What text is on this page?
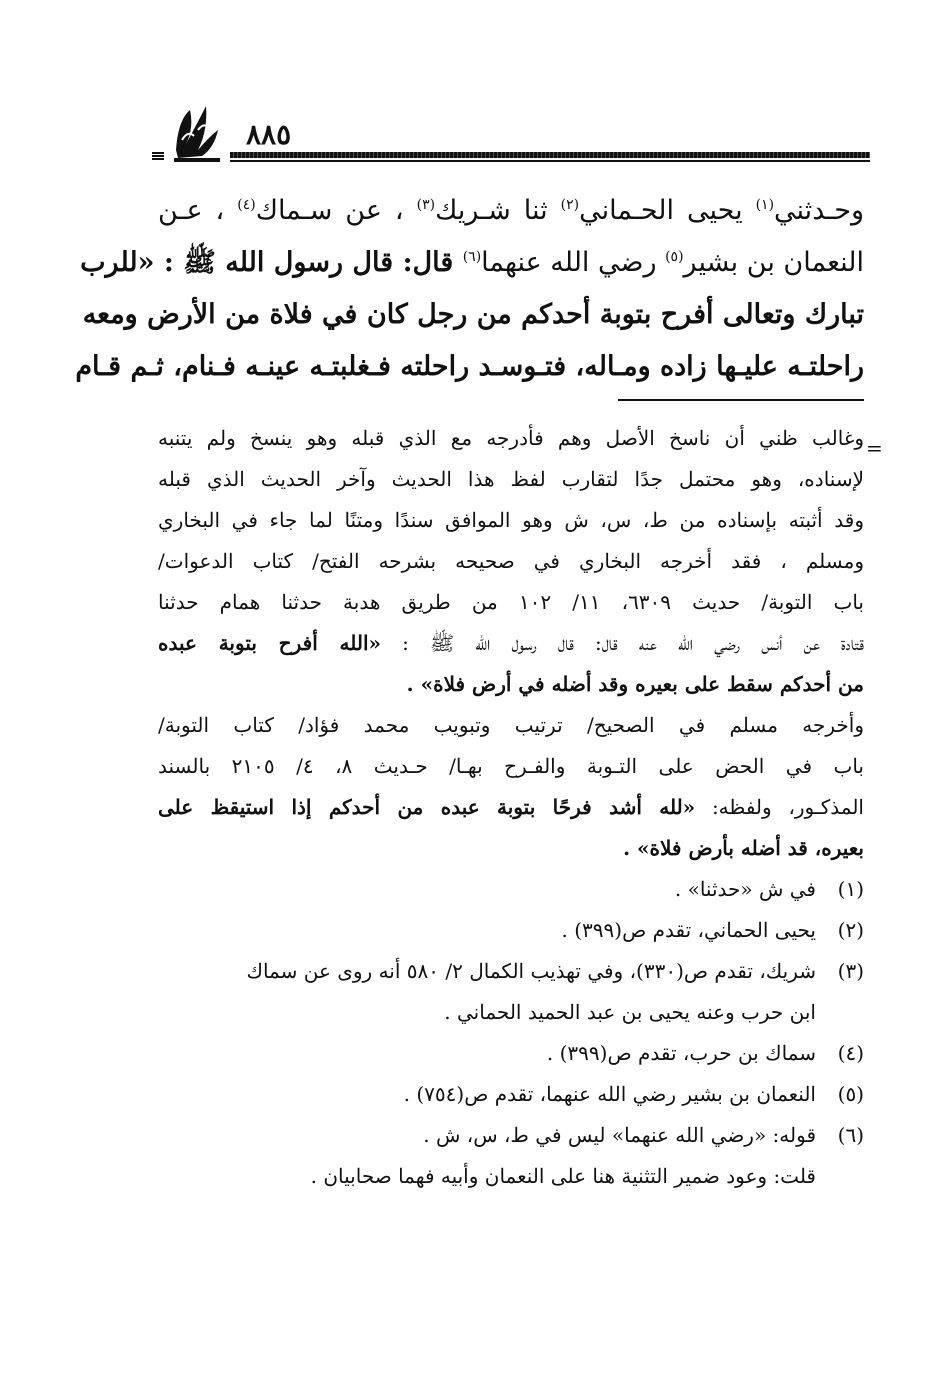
٨٨٥

وحـدثني$^{(١)}$ يحيى الحـماني$^{(٢)}$ ثنا شـريك$^{(٣)}$ ، عن سـماك$^{(٤)}$ ، عـن

النعمان بن بشير$^{(٥)}$ رضي الله عنهما$^{(٦)}$ قال: قال رسول الله ﷺ : «للرب

تبارك وتعالى أفرح بتوبة أحدكم من رجل كان في فلاة من الأرض ومعه

راحلتـه عليـها زاده ومـاله، فتـوسـد راحلته فـغلبتـه عينـه فـنام، ثـم قـام

=

وغالب ظني أن ناسخ الأصل وهم فأدرجه مع الذي قبله وهو ينسخ ولم يتنبه

لإسناده، وهو محتمل جدًا لتقارب لفظ هذا الحديث وآخر الحديث الذي قبله

وقد أثبته بإسناده من ط، س، ش وهو الموافق سندًا ومتنًا لما جاء في البخاري

ومسلم ، فقد أخرجه البخاري في صحيحه بشرحه الفتح/ كتاب الدعوات/

باب التوبة/ حديث ٦٣٠٩، ١١/ ١٠٢ من طريق هدبة حدثنا همام حدثنا

قتادة عن أنس رضي الله عنه قال: قال رسول الله ﷺ : «الله أفرح بتوبة عبده

من أحدكم سقط على بعيره وقد أضله في أرض فلاة» .

وأخرجه مسلم في الصحيح/ ترتيب وتبويب محمد فؤاد/ كتاب التوبة/

باب في الحض على التـوبة والفـرح بهـا/ حـديث ٨، ٤/ ٢١٠٥ بالسند

المذكـور، ولفظه: «لله أشد فرحًا بتوبة عبده من أحدكم إذا استيقظ على

بعيره، قد أضله بأرض فلاة» .

(١)في ش «حدثنا» .

(٢)يحيى الحماني، تقدم ص(٣٩٩) .

(٣)شريك، تقدم ص(٣٣٠)، وفي تهذيب الكمال ٢/ ٥٨٠ أنه روى عن سماك

ابن حرب وعنه يحيى بن عبد الحميد الحماني .

(٤)سماك بن حرب، تقدم ص(٣٩٩) .

(٥)النعمان بن بشير رضي الله عنهما، تقدم ص(٧٥٤) .

(٦)قوله: «رضي الله عنهما» ليس في ط، س، ش .

قلت: وعود ضمير التثنية هنا على النعمان وأبيه فهما صحابيان .
